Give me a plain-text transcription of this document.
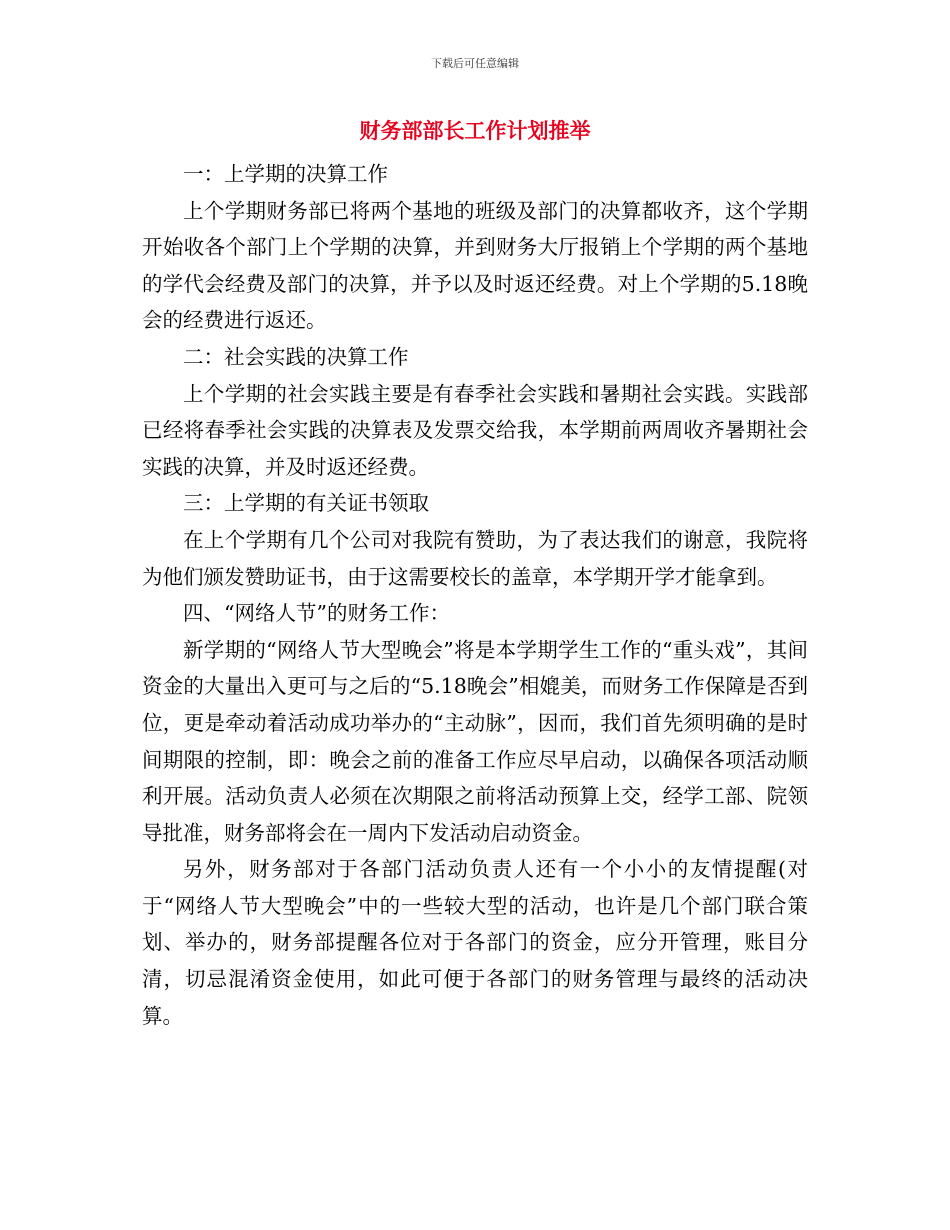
下载后可任意编辑
财务部部长工作计划推举

一：上学期的决算工作

上个学期财务部已将两个基地的班级及部门的决算都收齐，这个学期开始收各个部门上个学期的决算，并到财务大厅报销上个学期的两个基地的学代会经费及部门的决算，并予以及时返还经费。对上个学期的5.18晚会的经费进行返还。

二：社会实践的决算工作

上个学期的社会实践主要是有春季社会实践和暑期社会实践。实践部已经将春季社会实践的决算表及发票交给我，本学期前两周收齐暑期社会实践的决算，并及时返还经费。

三：上学期的有关证书领取

在上个学期有几个公司对我院有赞助，为了表达我们的谢意，我院将为他们颁发赞助证书，由于这需要校长的盖章，本学期开学才能拿到。

四、“网络人节”的财务工作：

新学期的“网络人节大型晚会”将是本学期学生工作的“重头戏”，其间资金的大量出入更可与之后的“5.18晚会”相媲美，而财务工作保障是否到位，更是牵动着活动成功举办的“主动脉”，因而，我们首先须明确的是时间期限的控制，即：晚会之前的准备工作应尽早启动，以确保各项活动顺利开展。活动负责人必须在次期限之前将活动预算上交，经学工部、院领导批准，财务部将会在一周内下发活动启动资金。

另外，财务部对于各部门活动负责人还有一个小小的友情提醒(对于“网络人节大型晚会”中的一些较大型的活动，也许是几个部门联合策划、举办的，财务部提醒各位对于各部门的资金，应分开管理，账目分清，切忌混淆资金使用，如此可便于各部门的财务管理与最终的活动决算。
